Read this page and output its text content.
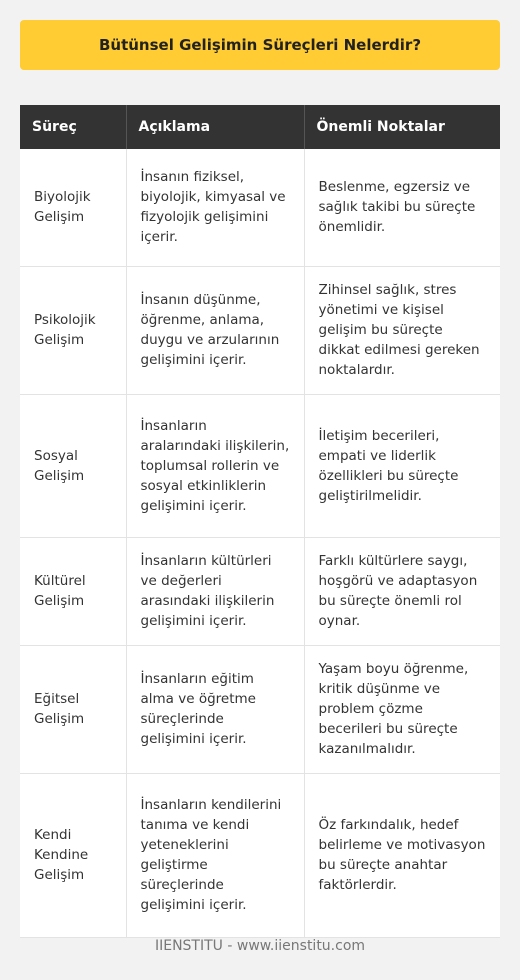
Bütünsel Gelişimin Süreçleri Nelerdir?
Süreç	Açıklama	Önemli Noktalar
Biyolojik Gelişim	İnsanın fiziksel, biyolojik, kimyasal ve fizyolojik gelişimini içerir.	Beslenme, egzersiz ve sağlık takibi bu süreçte önemlidir.
Psikolojik Gelişim	İnsanın düşünme, öğrenme, anlama, duygu ve arzularının gelişimini içerir.	Zihinsel sağlık, stres yönetimi ve kişisel gelişim bu süreçte dikkat edilmesi gereken noktalardır.
Sosyal Gelişim	İnsanların aralarındaki ilişkilerin, toplumsal rollerin ve sosyal etkinliklerin gelişimini içerir.	İletişim becerileri, empati ve liderlik özellikleri bu süreçte geliştirilmelidir.
Kültürel Gelişim	İnsanların kültürleri ve değerleri arasındaki ilişkilerin gelişimini içerir.	Farklı kültürlere saygı, hoşgörü ve adaptasyon bu süreçte önemli rol oynar.
Eğitsel Gelişim	İnsanların eğitim alma ve öğretme süreçlerinde gelişimini içerir.	Yaşam boyu öğrenme, kritik düşünme ve problem çözme becerileri bu süreçte kazanılmalıdır.
Kendi Kendine Gelişim	İnsanların kendilerini tanıma ve kendi yeteneklerini geliştirme süreçlerinde gelişimini içerir.	Öz farkındalık, hedef belirleme ve motivasyon bu süreçte anahtar faktörlerdir.
IIENSTITU - www.iienstitu.com
